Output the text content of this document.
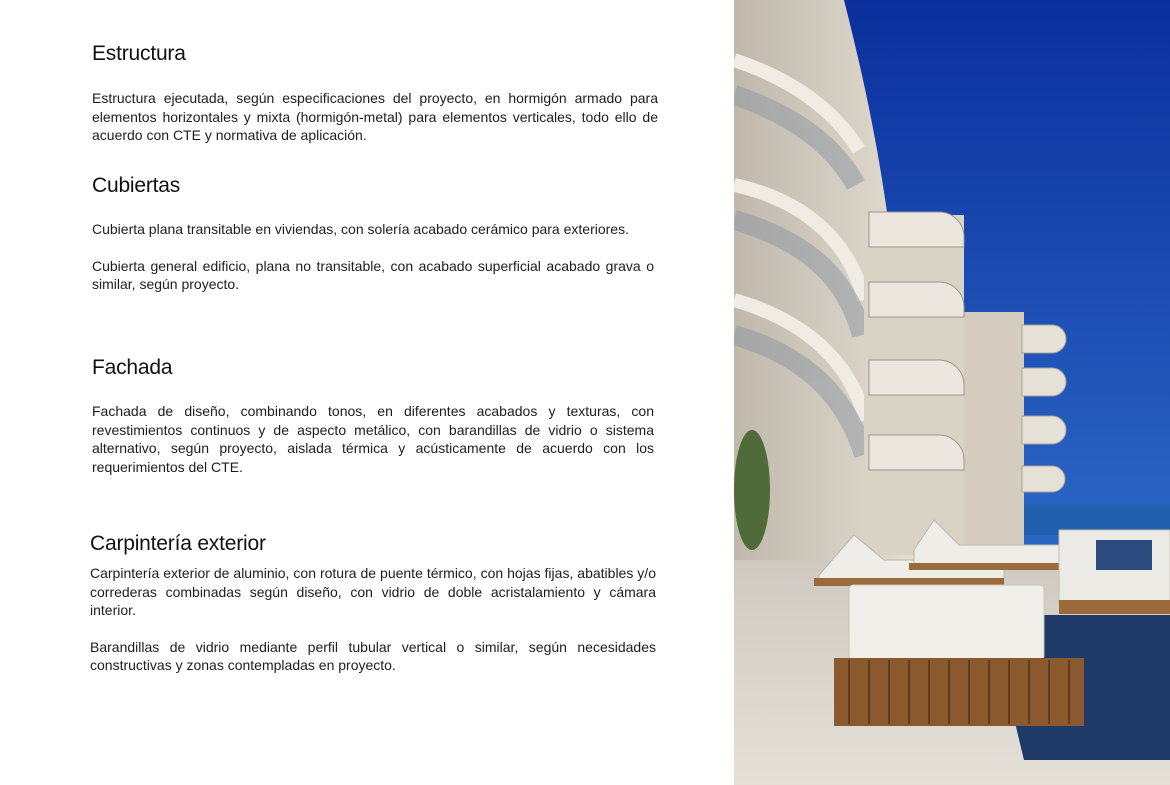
Estructura

Estructura ejecutada, según especificaciones del proyecto, en hormigón armado para elementos horizontales y mixta (hormigón-metal) para elementos verticales, todo ello de acuerdo con CTE y normativa de aplicación.

Cubiertas

Cubierta plana transitable en viviendas, con solería acabado cerámico para exteriores.

Cubierta general edificio, plana no transitable, con acabado superficial acabado grava o similar, según proyecto.

Fachada

Fachada de diseño, combinando tonos, en diferentes acabados y texturas, con revestimientos continuos y de aspecto metálico, con barandillas de vidrio o sistema alternativo, según proyecto, aislada térmica y acústicamente de acuerdo con los requerimientos del CTE.

Carpintería exterior

Carpintería exterior de aluminio, con rotura de puente térmico, con hojas fijas, abatibles y/o correderas combinadas según diseño, con vidrio de doble acristalamiento y cámara interior.

Barandillas de vidrio mediante perfil tubular vertical o similar, según necesidades constructivas y zonas contempladas en proyecto.
